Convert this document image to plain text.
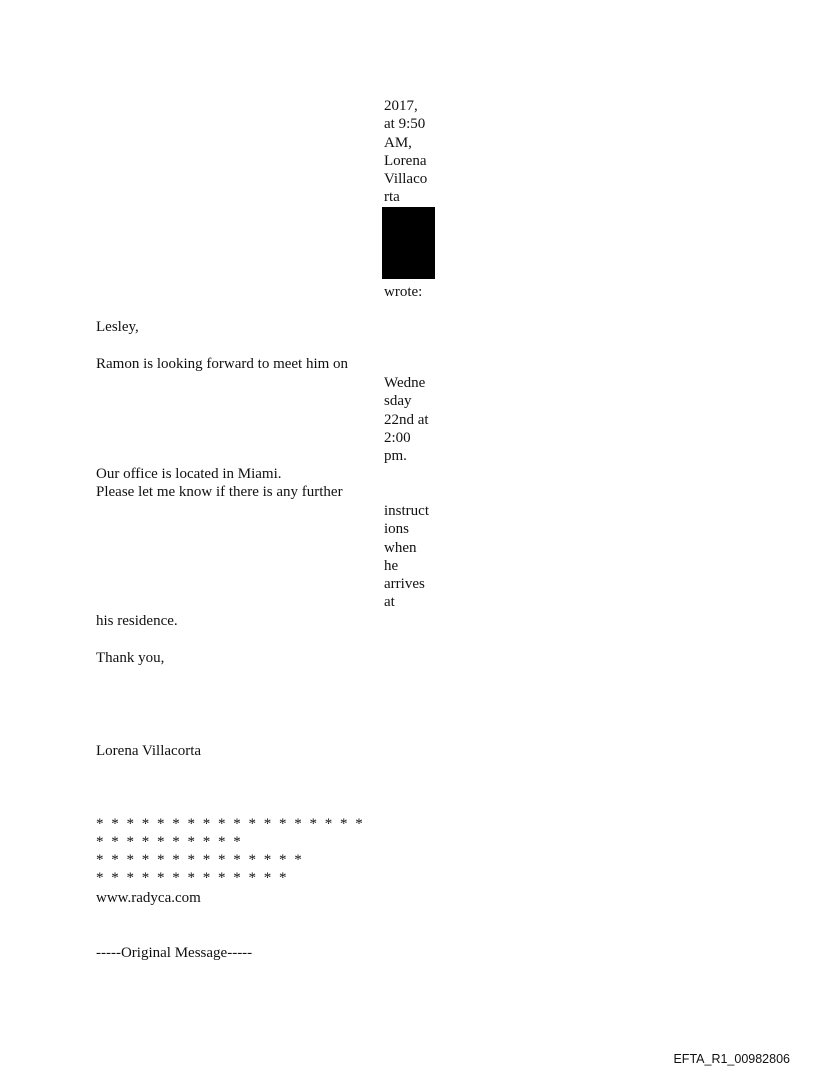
2017,
at 9:50
AM,
Lorena
Villaco
rta
wrote:
Lesley,
Ramon is looking forward to meet him on
Wedne
sday
22nd at
2:00
pm.
Our office is located in Miami.
Please let me know if there is any further
instruct
ions
when
he
arrives
at
his residence.
Thank you,
Lorena Villacorta
* * * * * * * * * * * * * * * * * *
* * * * * * * * * *
* * * * * * * * * * * * * *
* * * * * * * * * * * * *
www.radyca.com
-----Original Message-----
EFTA_R1_00982806
